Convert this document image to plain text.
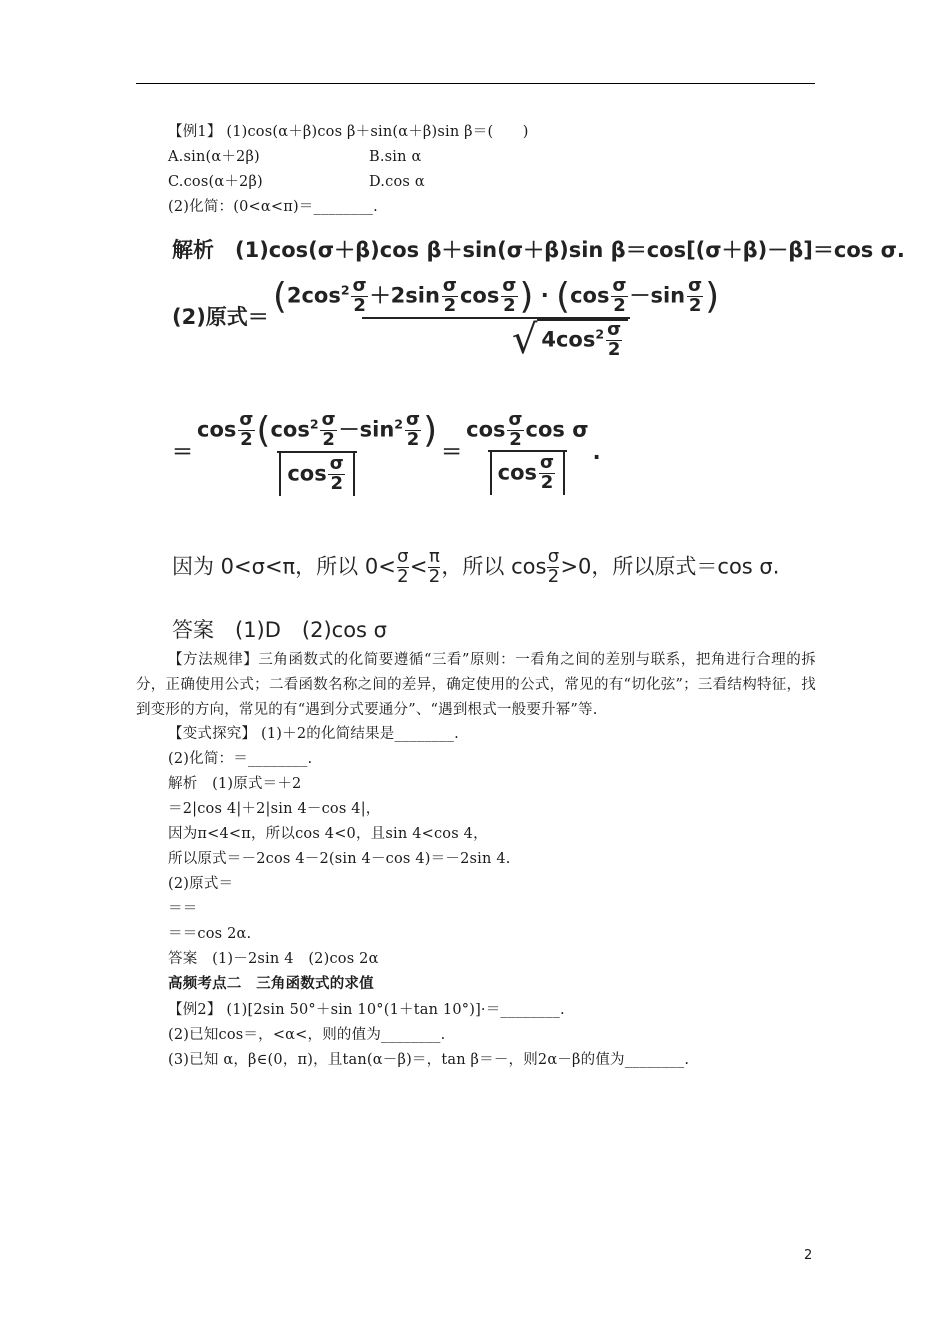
【例1】 (1)cos(α＋β)cos β＋sin(α＋β)sin β＝(　　)
A.sin(α＋2β)	B.sin α
C.cos(α＋2β)	D.cos α
(2)化简：(0<α<π)＝________.
解析　(1)cos(σ＋β)cos β＋sin(σ＋β)sin β＝cos[(σ＋β)－β]＝cos σ.
(2)原式＝ $\frac{(2\cos^2 \frac{\sigma}{2} +2\sin \frac{\sigma}{2} \cos \frac{\sigma}{2} ) \cdot (\cos \frac{\sigma}{2} -\sin \frac{\sigma}{2} )}{√ 4\cos^2 \frac{\sigma}{2}}$
＝ $\frac{\cos \frac{\sigma}{2} (\cos^2 \frac{\sigma}{2} -\sin^2 \frac{\sigma}{2} )}{\cos \frac{\sigma}{2}} = \frac{\cos \frac{\sigma}{2} \cos \sigma}{\cos \frac{\sigma}{2}}$ .
因为 0<σ<π，所以 $0< \frac{\sigma}{2} < \frac{\pi}{2}$ ，所以 $\cos \frac{\sigma}{2} >0$，所以原式＝cos σ.
答案　(1)D　(2)cos σ
【方法规律】三角函数式的化简要遵循“三看”原则：一看角之间的差别与联系，把角进行合理的拆分，正确使用公式；二看函数名称之间的差异，确定使用的公式，常见的有“切化弦”；三看结构特征，找到变形的方向，常见的有“遇到分式要通分”、“遇到根式一般要升幂”等.
【变式探究】 (1)＋2的化简结果是________.
(2)化简：＝________.
解析　(1)原式＝＋2
＝2|cos 4|＋2|sin 4－cos 4|，
因为π<4<π，所以cos 4<0，且sin 4<cos 4，
所以原式＝－2cos 4－2(sin 4－cos 4)＝－2sin 4.
(2)原式＝
＝＝
＝＝cos 2α.
答案　(1)－2sin 4　(2)cos 2α
高频考点二　三角函数式的求值
【例2】 (1)[2sin 50°＋sin 10°(1＋tan 10°)]·＝________.
(2)已知cos＝，<α<，则的值为________.
(3)已知 α，β∈(0，π)，且tan(α－β)＝，tan β＝－，则2α－β的值为________.
2
